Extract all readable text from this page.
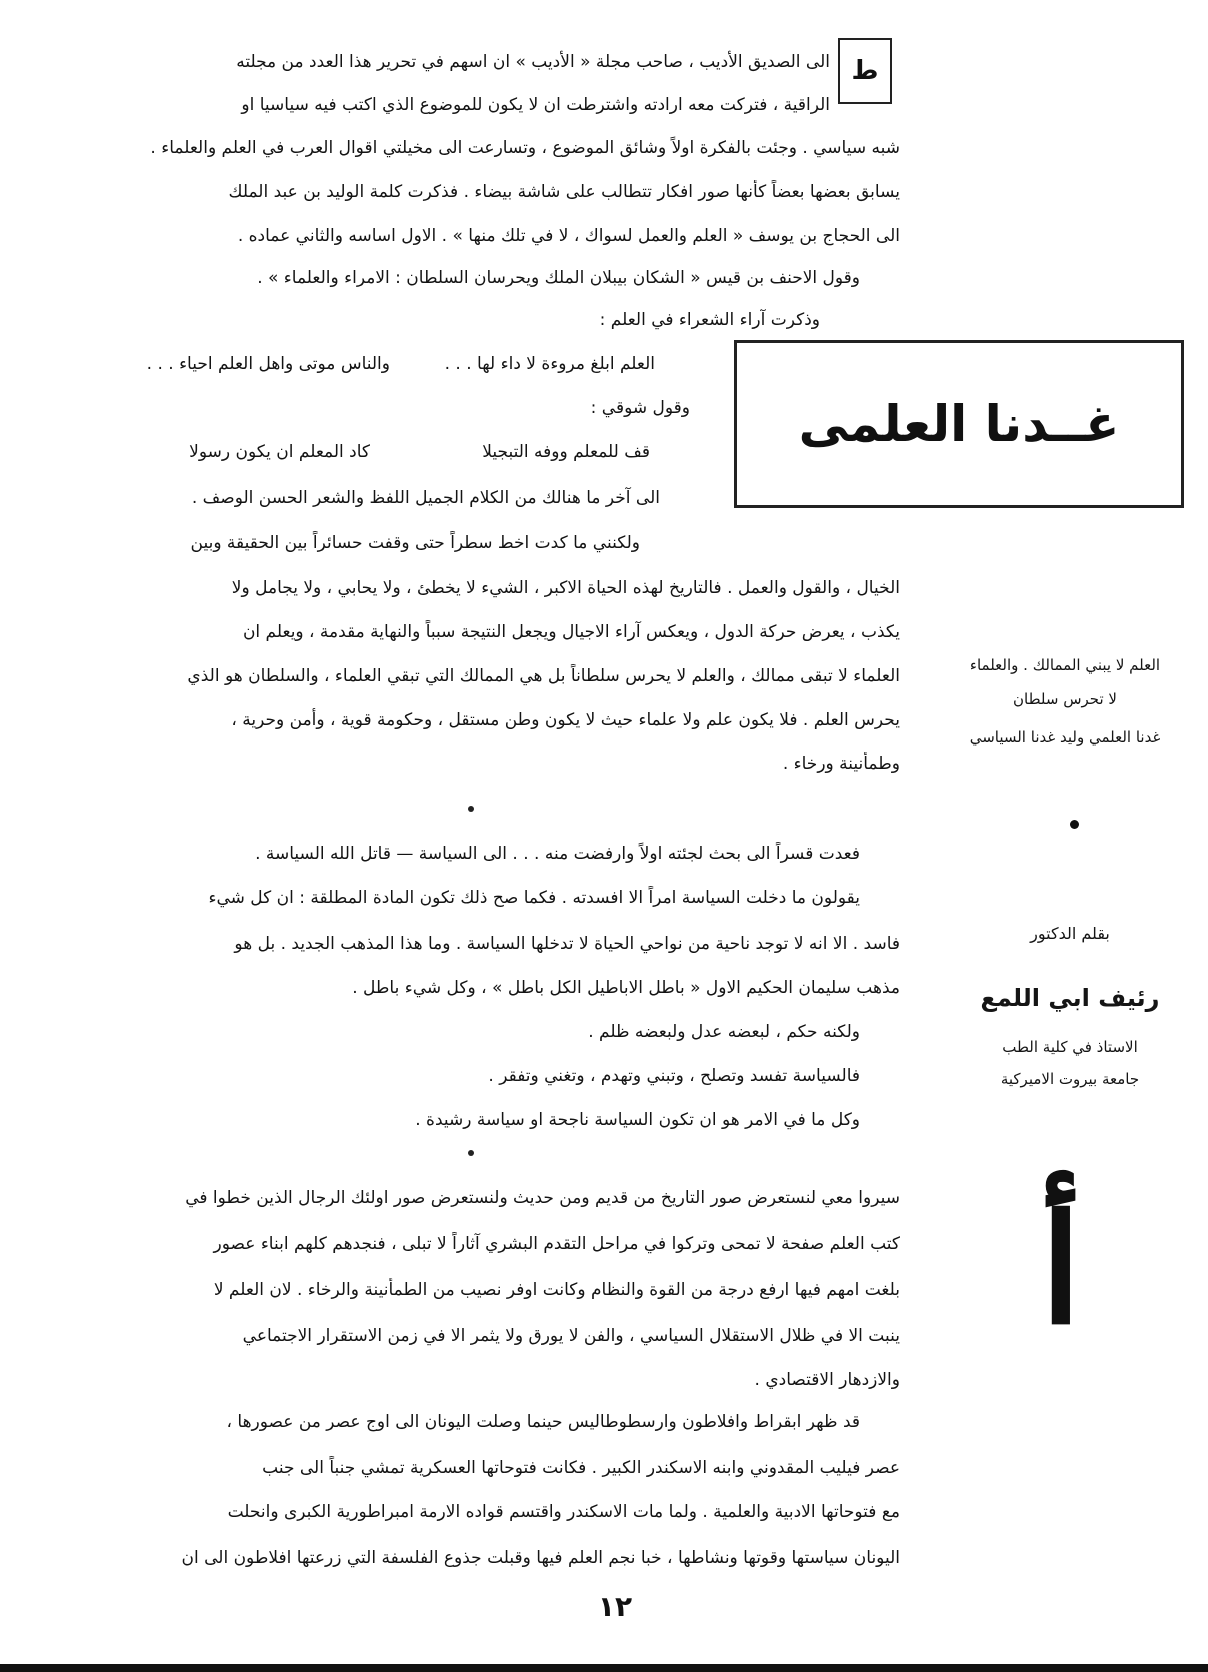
ط
الى الصديق الأديب ، صاحب مجلة « الأديب » ان اسهم في تحرير هذا العدد من مجلته
الراقية ، فتركت معه ارادته واشترطت ان لا يكون للموضوع الذي اكتب فيه سياسيا او
شبه سياسي . وجئت بالفكرة اولاً وشائق الموضوع ، وتسارعت الى مخيلتي اقوال العرب في العلم والعلماء .
يسابق بعضها بعضاً كأنها صور افكار تتطالب على شاشة بيضاء . فذكرت كلمة الوليد بن عبد الملك
الى الحجاج بن يوسف « العلم والعمل لسواك ، لا في تلك منها » . الاول اساسه والثاني عماده .
وقول الاحنف بن قيس « الشكان بيبلان الملك ويحرسان السلطان : الامراء والعلماء » .
وذكرت آراء الشعراء في العلم :
العلم ابلغ مروءة لا داء لها . . .
والناس موتى واهل العلم احياء . . .
وقول شوقي :
قف للمعلم ووفه التبجيلا
كاد المعلم ان يكون رسولا
الى آخر ما هنالك من الكلام الجميل اللفظ والشعر الحسن الوصف .
غــدنا العلمى
ولكنني ما كدت اخط سطراً حتى وقفت حسائراً بين الحقيقة وبين
الخيال ، والقول والعمل . فالتاريخ لهذه الحياة الاكبر ، الشيء لا يخطئ ، ولا يحابي ، ولا يجامل ولا
يكذب ، يعرض حركة الدول ، ويعكس آراء الاجيال ويجعل النتيجة سبباً والنهاية مقدمة ، ويعلم ان
العلماء لا تبقى ممالك ، والعلم لا يحرس سلطاناً بل هي الممالك التي تبقي العلماء ، والسلطان هو الذي
يحرس العلم . فلا يكون علم ولا علماء حيث لا يكون وطن مستقل ، وحكومة قوية ، وأمن وحرية ،
وطمأنينة ورخاء .
العلم لا يبني الممالك . والعلماء
لا تحرس سلطان
غدنا العلمي وليد غدنا السياسي
فعدت قسراً الى بحث لجئته اولاً وارفضت منه . . . الى السياسة — قاتل الله السياسة .
يقولون ما دخلت السياسة امراً الا افسدته . فكما صح ذلك تكون المادة المطلقة : ان كل شيء
فاسد . الا انه لا توجد ناحية من نواحي الحياة لا تدخلها السياسة . وما هذا المذهب الجديد . بل هو
مذهب سليمان الحكيم الاول « باطل الاباطيل الكل باطل » ، وكل شيء باطل .
ولكنه حكم ، لبعضه عدل ولبعضه ظلم .
فالسياسة تفسد وتصلح ، وتبني وتهدم ، وتغني وتفقر .
وكل ما في الامر هو ان تكون السياسة ناجحة او سياسة رشيدة .
بقلم الدكتور
رئيف ابي اللمع
الاستاذ في كلية الطب
جامعة بيروت الاميركية
سيروا معي لنستعرض صور التاريخ من قديم ومن حديث ولنستعرض صور اولئك الرجال الذين خطوا في
كتب العلم صفحة لا تمحى وتركوا في مراحل التقدم البشري آثاراً لا تبلى ، فنجدهم كلهم ابناء عصور
بلغت امهم فيها ارفع درجة من القوة والنظام وكانت اوفر نصيب من الطمأنينة والرخاء . لان العلم لا
ينبت الا في ظلال الاستقلال السياسي ، والفن لا يورق ولا يثمر الا في زمن الاستقرار الاجتماعي
والازدهار الاقتصادي .
أ
قد ظهر ابقراط وافلاطون وارسطوطاليس حينما وصلت اليونان الى اوج عصر من عصورها ،
عصر فيليب المقدوني وابنه الاسكندر الكبير . فكانت فتوحاتها العسكرية تمشي جنباً الى جنب
مع فتوحاتها الادبية والعلمية . ولما مات الاسكندر واقتسم قواده الارمة امبراطورية الكبرى وانحلت
اليونان سياستها وقوتها ونشاطها ، خبا نجم العلم فيها وقبلت جذوع الفلسفة التي زرعتها افلاطون الى ان
١٢
